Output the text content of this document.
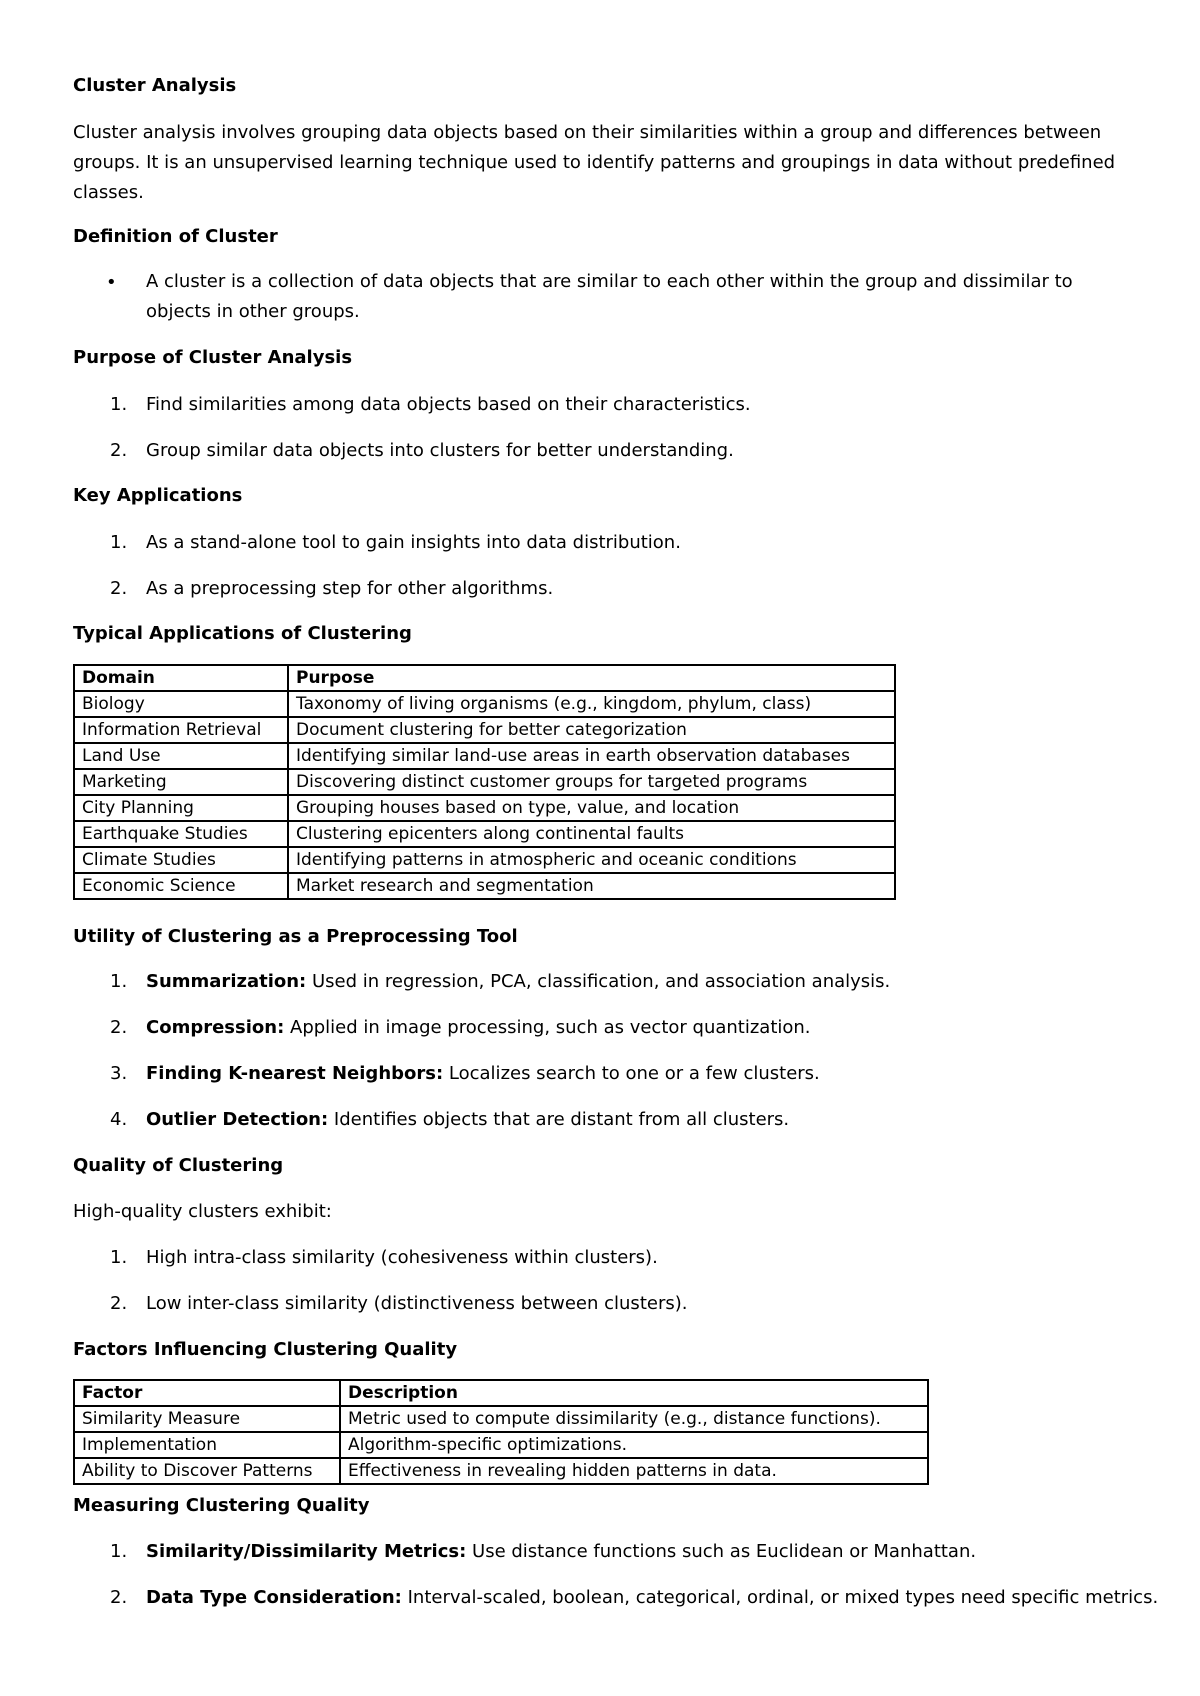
Cluster Analysis
Cluster analysis involves grouping data objects based on their similarities within a group and differences between groups. It is an unsupervised learning technique used to identify patterns and groupings in data without predefined classes.
Definition of Cluster
• A cluster is a collection of data objects that are similar to each other within the group and dissimilar to objects in other groups.
Purpose of Cluster Analysis
1. Find similarities among data objects based on their characteristics.
2. Group similar data objects into clusters for better understanding.
Key Applications
1. As a stand-alone tool to gain insights into data distribution.
2. As a preprocessing step for other algorithms.
Typical Applications of Clustering
Domain	Purpose
Biology	Taxonomy of living organisms (e.g., kingdom, phylum, class)
Information Retrieval	Document clustering for better categorization
Land Use	Identifying similar land-use areas in earth observation databases
Marketing	Discovering distinct customer groups for targeted programs
City Planning	Grouping houses based on type, value, and location
Earthquake Studies	Clustering epicenters along continental faults
Climate Studies	Identifying patterns in atmospheric and oceanic conditions
Economic Science	Market research and segmentation
Utility of Clustering as a Preprocessing Tool
1. Summarization: Used in regression, PCA, classification, and association analysis.
2. Compression: Applied in image processing, such as vector quantization.
3. Finding K-nearest Neighbors: Localizes search to one or a few clusters.
4. Outlier Detection: Identifies objects that are distant from all clusters.
Quality of Clustering
High-quality clusters exhibit:
1. High intra-class similarity (cohesiveness within clusters).
2. Low inter-class similarity (distinctiveness between clusters).
Factors Influencing Clustering Quality
Factor	Description
Similarity Measure	Metric used to compute dissimilarity (e.g., distance functions).
Implementation	Algorithm-specific optimizations.
Ability to Discover Patterns	Effectiveness in revealing hidden patterns in data.
Measuring Clustering Quality
1. Similarity/Dissimilarity Metrics: Use distance functions such as Euclidean or Manhattan.
2. Data Type Consideration: Interval-scaled, boolean, categorical, ordinal, or mixed types need specific metrics.
